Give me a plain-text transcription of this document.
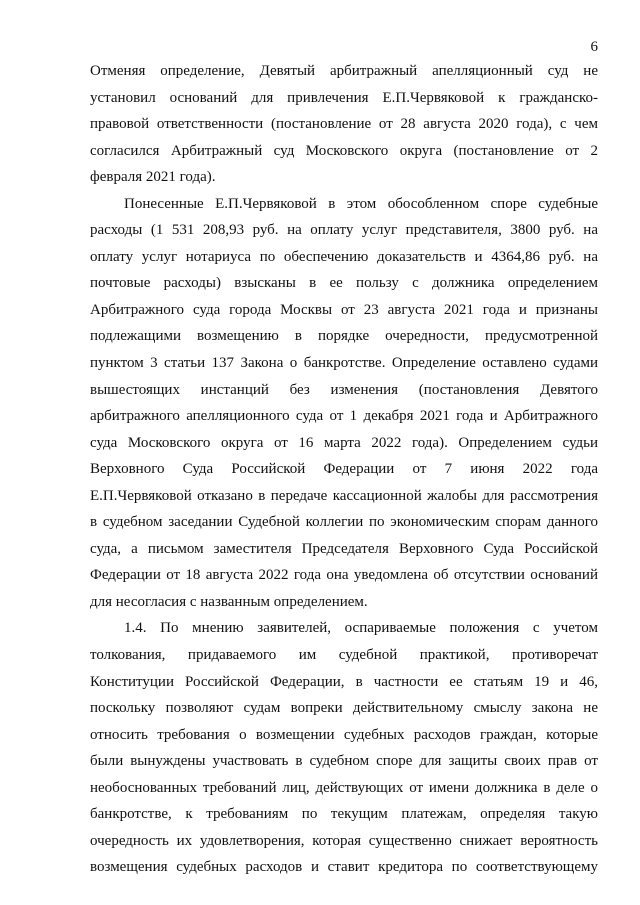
6
Отменяя определение, Девятый арбитражный апелляционный суд не
установил оснований для привлечения Е.П.Червяковой к гражданско-
правовой ответственности (постановление от 28 августа 2020 года), с чем
согласился Арбитражный суд Московского округа (постановление от 2
февраля 2021 года).
Понесенные Е.П.Червяковой в этом обособленном споре судебные
расходы (1 531 208,93 руб. на оплату услуг представителя, 3800 руб. на
оплату услуг нотариуса по обеспечению доказательств и 4364,86 руб. на
почтовые расходы) взысканы в ее пользу с должника определением
Арбитражного суда города Москвы от 23 августа 2021 года и признаны
подлежащими возмещению в порядке очередности, предусмотренной
пунктом 3 статьи 137 Закона о банкротстве. Определение оставлено судами
вышестоящих инстанций без изменения (постановления Девятого
арбитражного апелляционного суда от 1 декабря 2021 года и Арбитражного
суда Московского округа от 16 марта 2022 года). Определением судьи
Верховного Суда Российской Федерации от 7 июня 2022 года
Е.П.Червяковой отказано в передаче кассационной жалобы для рассмотрения
в судебном заседании Судебной коллегии по экономическим спорам данного
суда, а письмом заместителя Председателя Верховного Суда Российской
Федерации от 18 августа 2022 года она уведомлена об отсутствии оснований
для несогласия с названным определением.
1.4. По мнению заявителей, оспариваемые положения с учетом
толкования, придаваемого им судебной практикой, противоречат
Конституции Российской Федерации, в частности ее статьям 19 и 46,
поскольку позволяют судам вопреки действительному смыслу закона не
относить требования о возмещении судебных расходов граждан, которые
были вынуждены участвовать в судебном споре для защиты своих прав от
необоснованных требований лиц, действующих от имени должника в деле о
банкротстве, к требованиям по текущим платежам, определяя такую
очередность их удовлетворения, которая существенно снижает вероятность
возмещения судебных расходов и ставит кредитора по соответствующему
